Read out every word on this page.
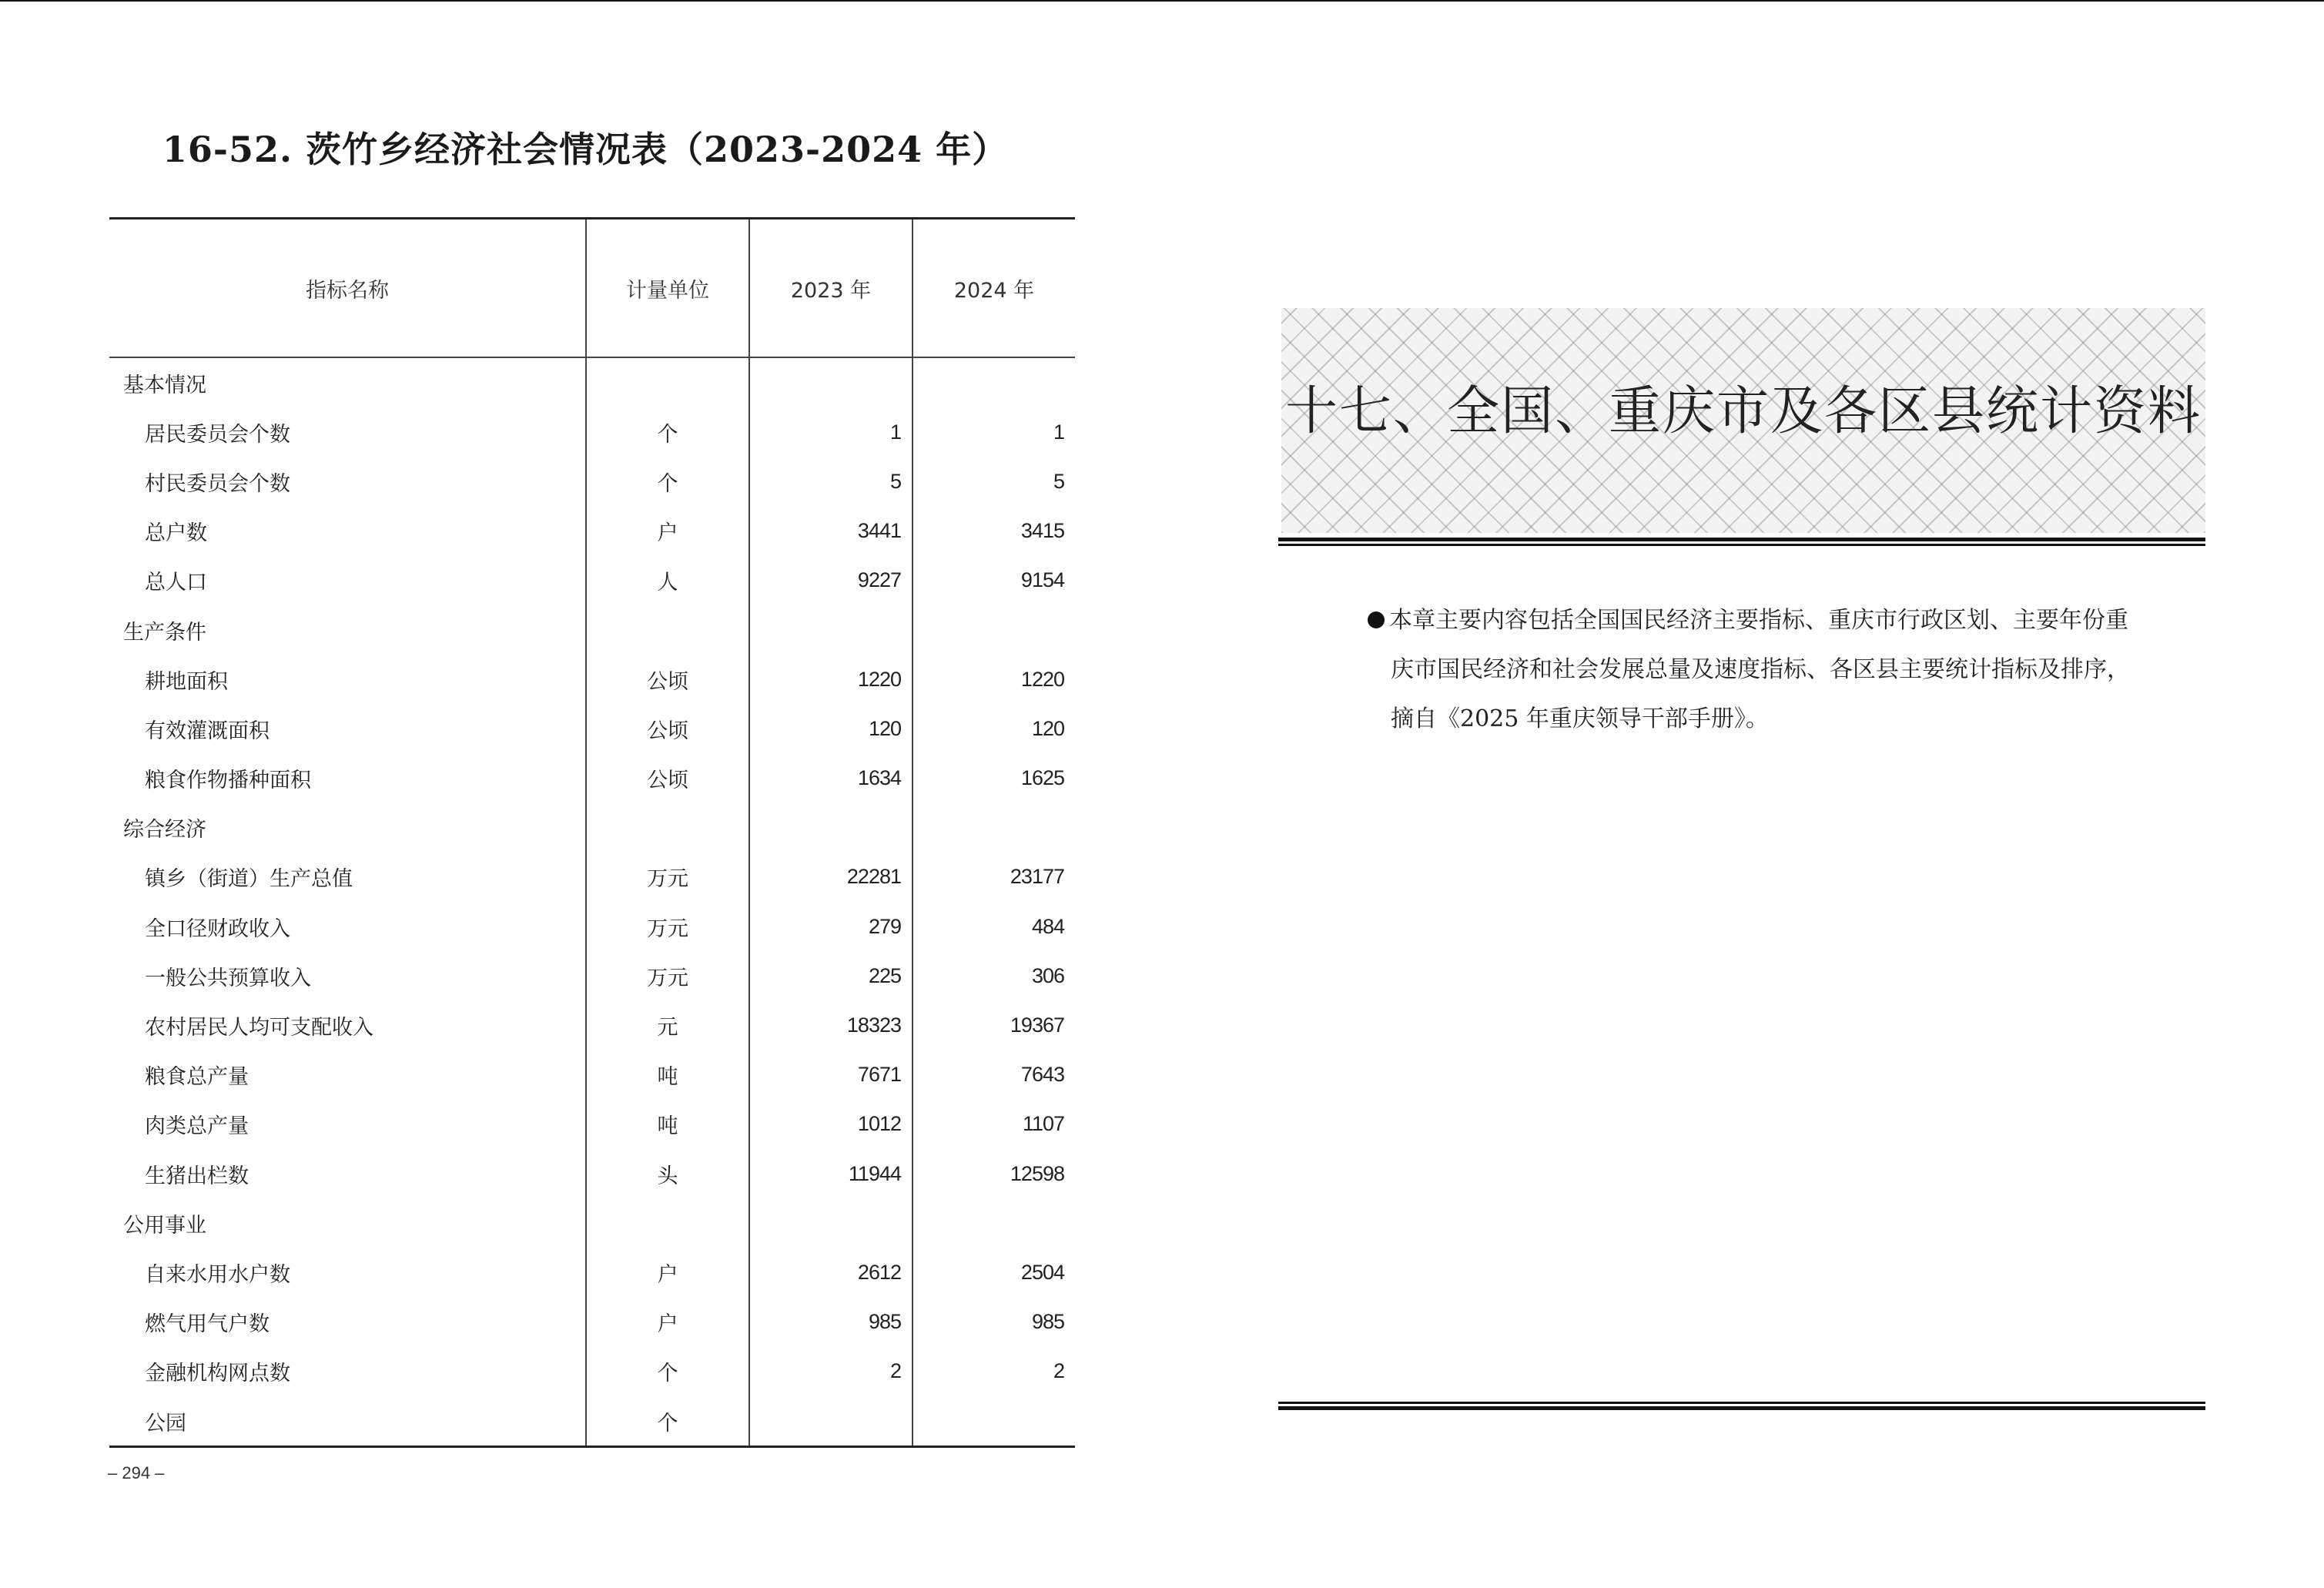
16-52. 茨竹乡经济社会情况表（2023-2024 年）
指标名称	计量单位	2023 年	2024 年
基本情况			
居民委员会个数	个	1	1
村民委员会个数	个	5	5
总户数	户	3441	3415
总人口	人	9227	9154
生产条件			
耕地面积	公顷	1220	1220
有效灌溉面积	公顷	120	120
粮食作物播种面积	公顷	1634	1625
综合经济			
镇乡（街道）生产总值	万元	22281	23177
全口径财政收入	万元	279	484
一般公共预算收入	万元	225	306
农村居民人均可支配收入	元	18323	19367
粮食总产量	吨	7671	7643
肉类总产量	吨	1012	1107
生猪出栏数	头	11944	12598
公用事业			
自来水用水户数	户	2612	2504
燃气用气户数	户	985	985
金融机构网点数	个	2	2
公园	个		
– 294 –
十七、全国、重庆市及各区县统计资料
本章主要内容包括全国国民经济主要指标、重庆市行政区划、主要年份重
庆市国民经济和社会发展总量及速度指标、各区县主要统计指标及排序，
摘自《2025 年重庆领导干部手册》。
